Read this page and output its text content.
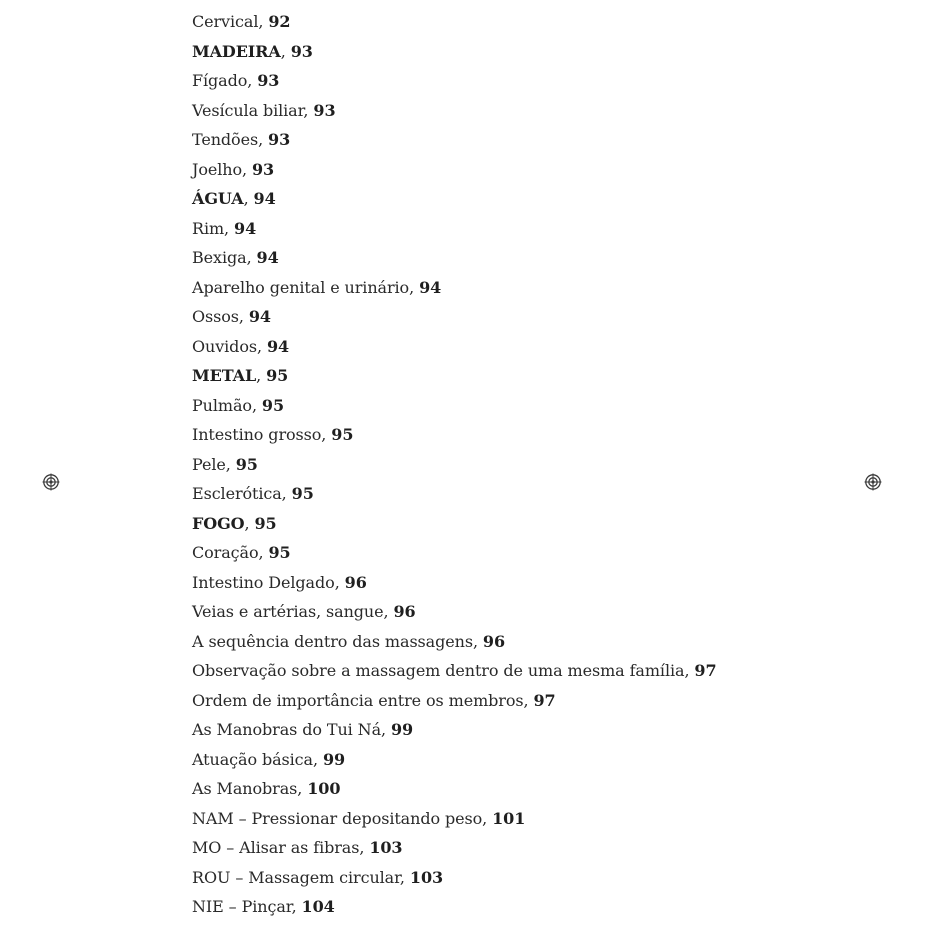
Cervical, 92
MADEIRA, 93
Fígado, 93
Vesícula biliar, 93
Tendões, 93
Joelho, 93
ÁGUA, 94
Rim, 94
Bexiga, 94
Aparelho genital e urinário, 94
Ossos, 94
Ouvidos, 94
METAL, 95
Pulmão, 95
Intestino grosso, 95
Pele, 95
Esclerótica, 95
FOGO, 95
Coração, 95
Intestino Delgado, 96
Veias e artérias, sangue, 96
A sequência dentro das massagens, 96
Observação sobre a massagem dentro de uma mesma família, 97
Ordem de importância entre os membros, 97
As Manobras do Tui Ná, 99
Atuação básica, 99
As Manobras, 100
NAM – Pressionar depositando peso, 101
MO – Alisar as fibras, 103
ROU – Massagem circular, 103
NIE – Pinçar, 104
